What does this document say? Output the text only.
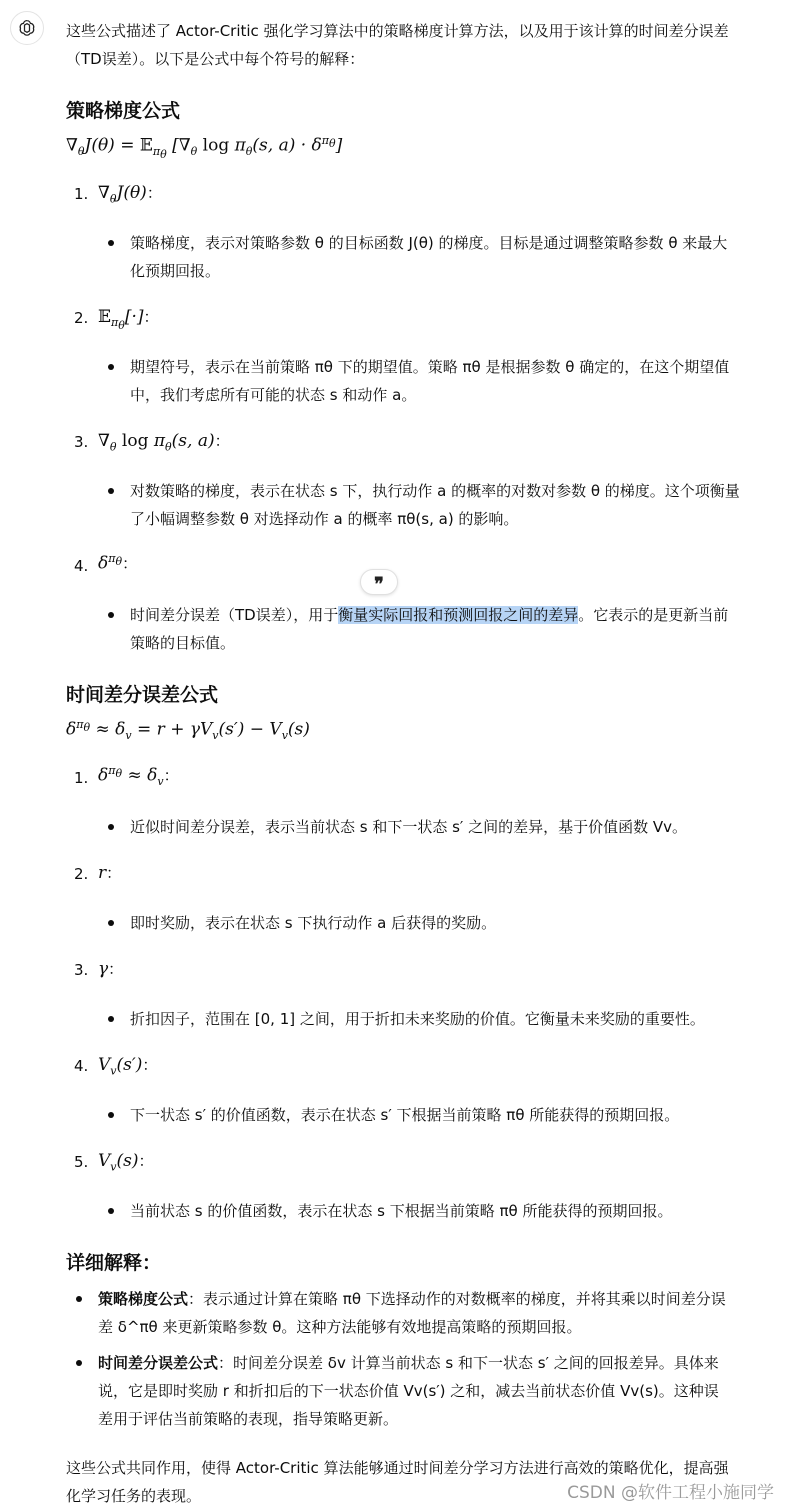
这些公式描述了 Actor-Critic 强化学习算法中的策略梯度计算方法，以及用于该计算的时间差分误差
（TD误差）。以下是公式中每个符号的解释：
策略梯度公式
$\nabla_\theta J(\theta)$ = 𝔼$_{\pi_\theta}$ [$\nabla_\theta$ $\log \pi_\theta(s$, $a) \cdot \delta^{\pi_\theta}$]
1. $\nabla_\theta J(\theta)$：
策略梯度，表示对策略参数 θ 的目标函数 J(θ) 的梯度。目标是通过调整策略参数 θ 来最大
化预期回报。
2. 𝔼$_{\pi_\theta}$[·]：
期望符号，表示在当前策略 πθ 下的期望值。策略 πθ 是根据参数 θ 确定的，在这个期望值
中，我们考虑所有可能的状态 s 和动作 a。
3. $\nabla_\theta$ $\log \pi_\theta(s$, a)：
对数策略的梯度，表示在状态 s 下，执行动作 a 的概率的对数对参数 θ 的梯度。这个项衡量
了小幅调整参数 θ 对选择动作 a 的概率 πθ(s, a) 的影响。
4. $\delta^{\pi_\theta}$：
❞
时间差分误差（TD误差），用于衡量实际回报和预测回报之间的差异。它表示的是更新当前
策略的目标值。
时间差分误差公式
$\delta^{\pi_\theta} \approx \delta_v = r + \gamma V_v(s') - V_v(s)$
1. $\delta^{\pi_\theta} \approx \delta_v$：
近似时间差分误差，表示当前状态 s 和下一状态 s′ 之间的差异，基于价值函数 Vv。
2. r：
即时奖励，表示在状态 s 下执行动作 a 后获得的奖励。
3. γ：
折扣因子，范围在 [0, 1] 之间，用于折扣未来奖励的价值。它衡量未来奖励的重要性。
4. $V_v(s')$：
下一状态 s′ 的价值函数，表示在状态 s′ 下根据当前策略 πθ 所能获得的预期回报。
5. $V_v(s)$：
当前状态 s 的价值函数，表示在状态 s 下根据当前策略 πθ 所能获得的预期回报。
详细解释：
策略梯度公式：表示通过计算在策略 πθ 下选择动作的对数概率的梯度，并将其乘以时间差分误
差 δ^πθ 来更新策略参数 θ。这种方法能够有效地提高策略的预期回报。
时间差分误差公式：时间差分误差 δv 计算当前状态 s 和下一状态 s′ 之间的回报差异。具体来
说，它是即时奖励 r 和折扣后的下一状态价值 Vv(s′) 之和，减去当前状态价值 Vv(s)。这种误
差用于评估当前策略的表现，指导策略更新。
这些公式共同作用，使得 Actor-Critic 算法能够通过时间差分学习方法进行高效的策略优化，提高强
化学习任务的表现。	CSDN @软件工程小施同学
